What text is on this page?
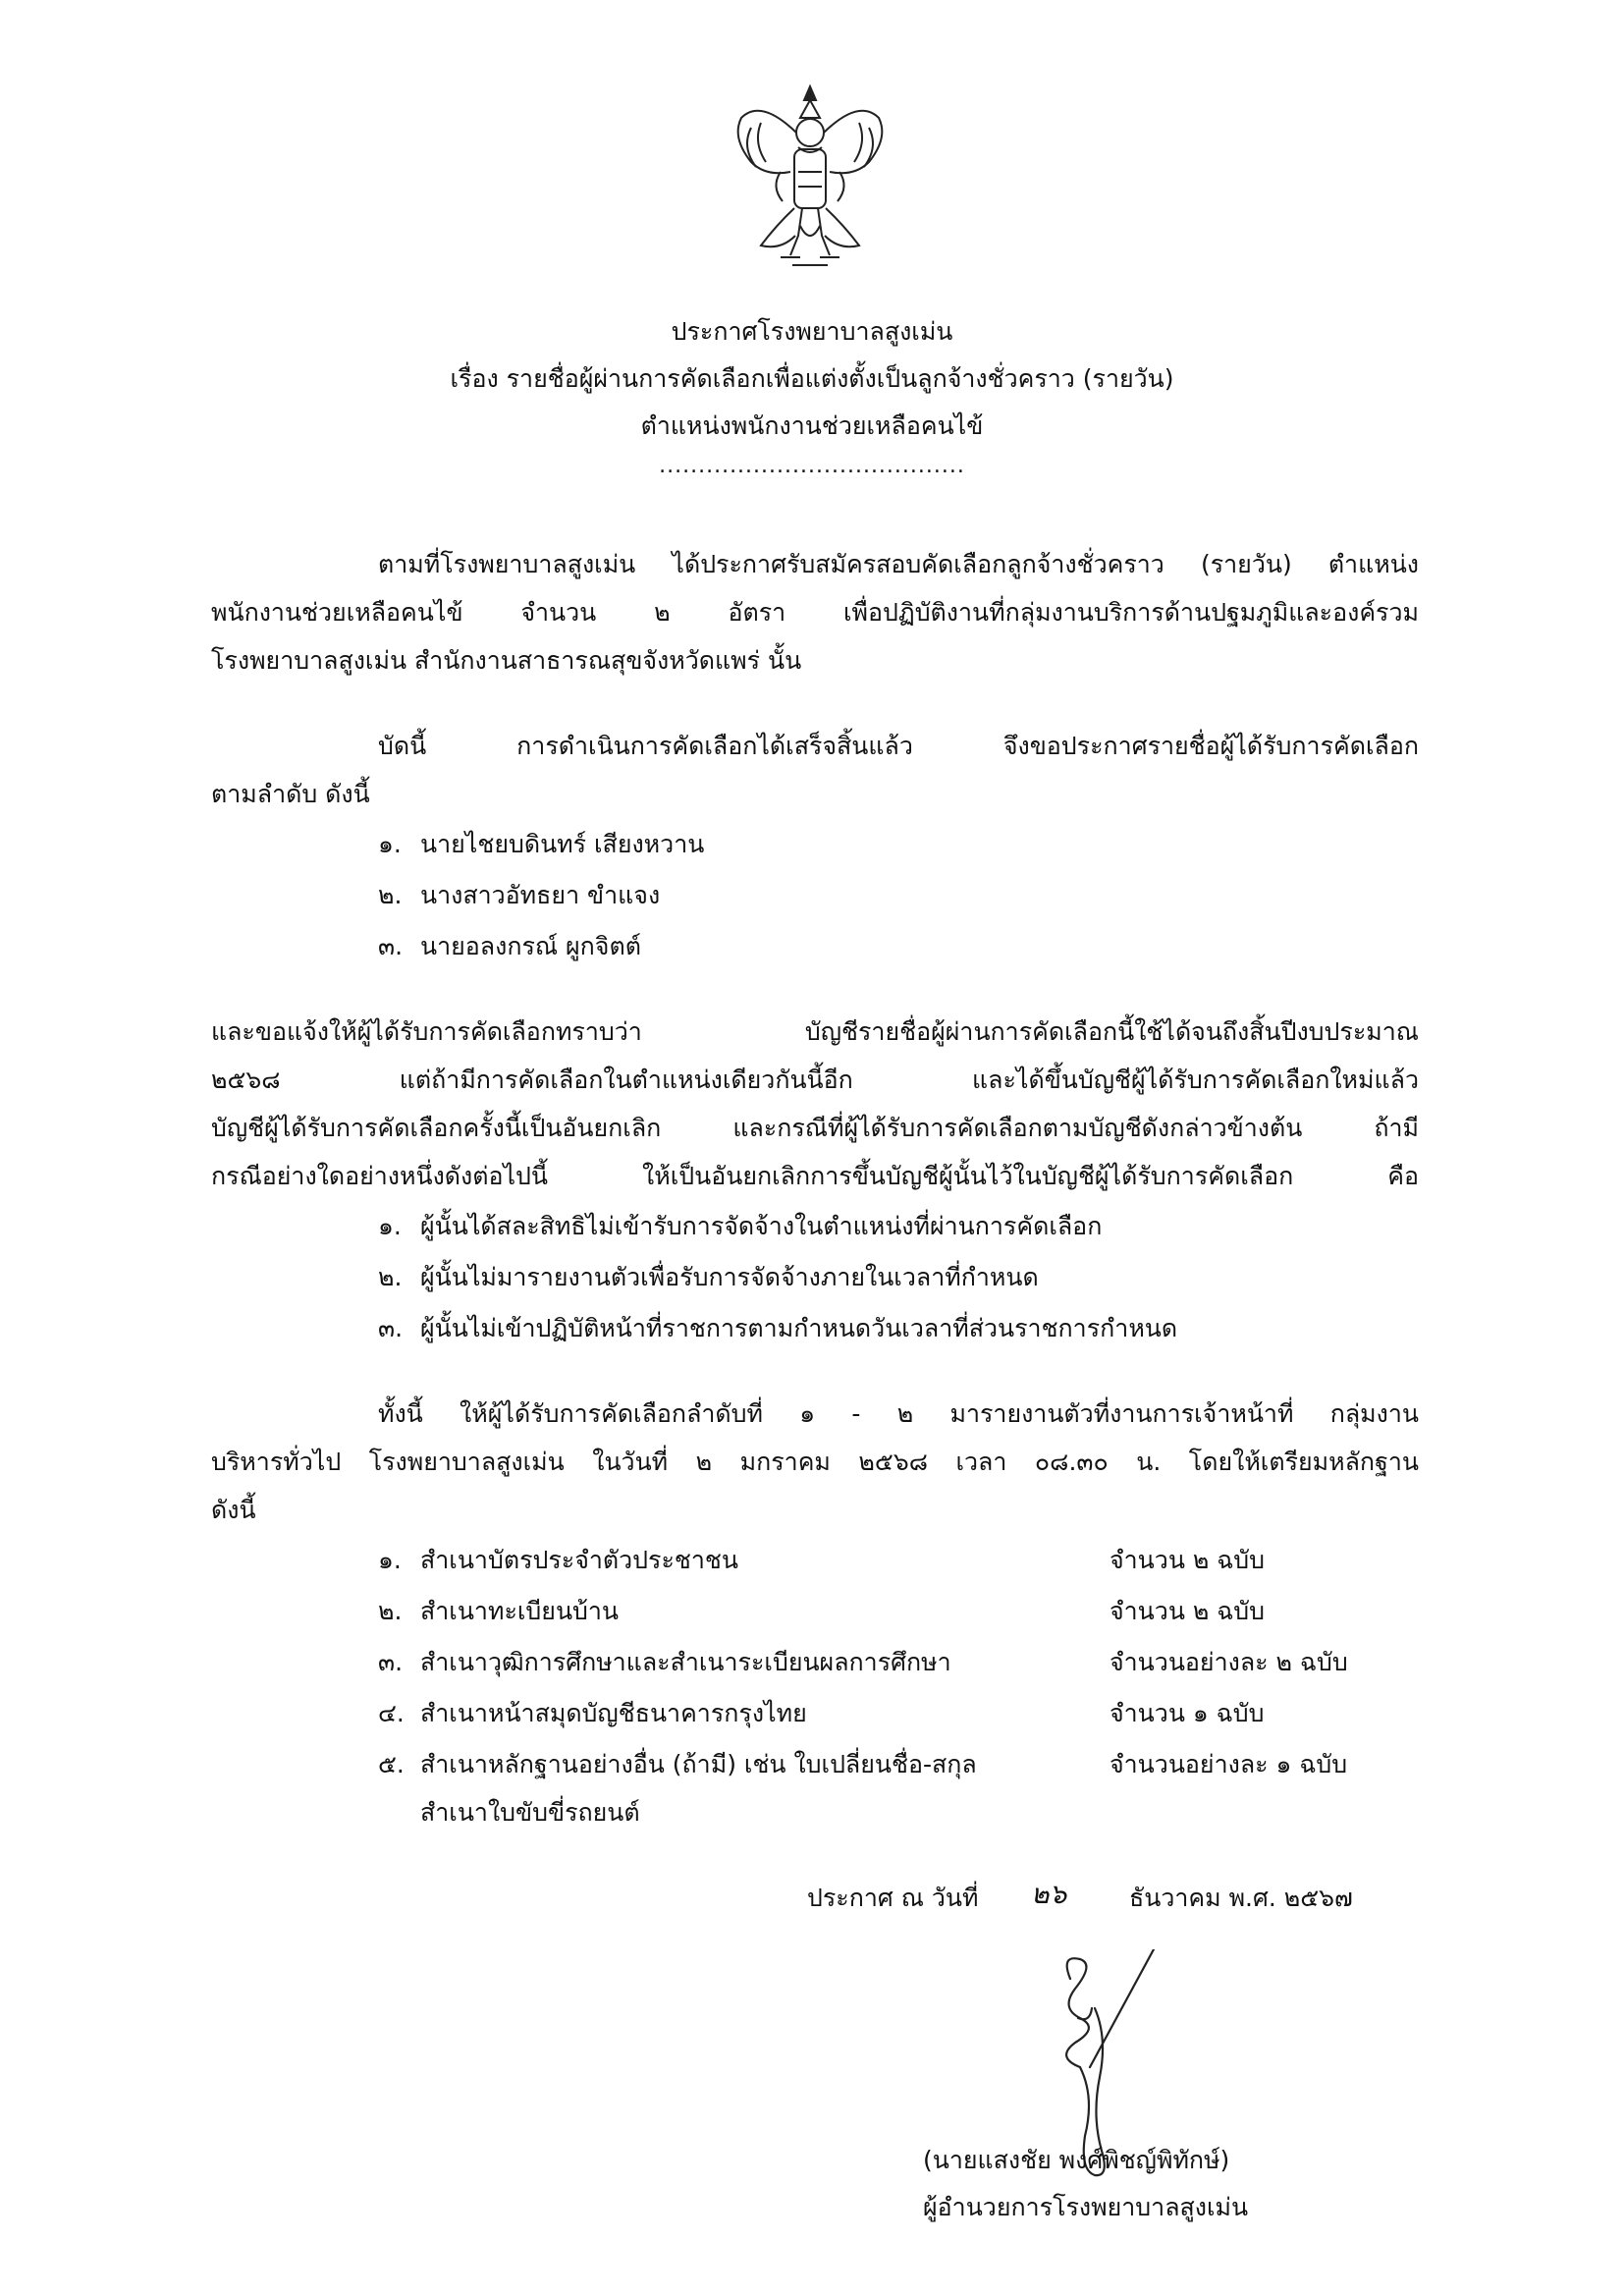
ประกาศโรงพยาบาลสูงเม่น
เรื่อง รายชื่อผู้ผ่านการคัดเลือกเพื่อแต่งตั้งเป็นลูกจ้างชั่วคราว (รายวัน)
ตำแหน่งพนักงานช่วยเหลือคนไข้
.......................................
ตามที่โรงพยาบาลสูงเม่น ได้ประกาศรับสมัครสอบคัดเลือกลูกจ้างชั่วคราว (รายวัน) ตำแหน่ง
พนักงานช่วยเหลือคนไข้ จำนวน ๒ อัตรา เพื่อปฏิบัติงานที่กลุ่มงานบริการด้านปฐมภูมิและองค์รวม
โรงพยาบาลสูงเม่น สำนักงานสาธารณสุขจังหวัดแพร่ นั้น
บัดนี้ การดำเนินการคัดเลือกได้เสร็จสิ้นแล้ว จึงขอประกาศรายชื่อผู้ได้รับการคัดเลือก
ตามลำดับ ดังนี้
๑. นายไชยบดินทร์ เสียงหวาน
๒. นางสาวอัทธยา ขำแจง
๓. นายอลงกรณ์ ผูกจิตต์
และขอแจ้งให้ผู้ได้รับการคัดเลือกทราบว่า บัญชีรายชื่อผู้ผ่านการคัดเลือกนี้ใช้ได้จนถึงสิ้นปีงบประมาณ
๒๕๖๘ แต่ถ้ามีการคัดเลือกในตำแหน่งเดียวกันนี้อีก และได้ขึ้นบัญชีผู้ได้รับการคัดเลือกใหม่แล้ว
บัญชีผู้ได้รับการคัดเลือกครั้งนี้เป็นอันยกเลิก และกรณีที่ผู้ได้รับการคัดเลือกตามบัญชีดังกล่าวข้างต้น ถ้ามี
กรณีอย่างใดอย่างหนึ่งดังต่อไปนี้ ให้เป็นอันยกเลิกการขึ้นบัญชีผู้นั้นไว้ในบัญชีผู้ได้รับการคัดเลือก คือ
๑. ผู้นั้นได้สละสิทธิไม่เข้ารับการจัดจ้างในตำแหน่งที่ผ่านการคัดเลือก
๒. ผู้นั้นไม่มารายงานตัวเพื่อรับการจัดจ้างภายในเวลาที่กำหนด
๓. ผู้นั้นไม่เข้าปฏิบัติหน้าที่ราชการตามกำหนดวันเวลาที่ส่วนราชการกำหนด
ทั้งนี้ ให้ผู้ได้รับการคัดเลือกลำดับที่ ๑ - ๒ มารายงานตัวที่งานการเจ้าหน้าที่ กลุ่มงาน
บริหารทั่วไป โรงพยาบาลสูงเม่น ในวันที่ ๒ มกราคม ๒๕๖๘ เวลา ๐๘.๓๐ น. โดยให้เตรียมหลักฐาน
ดังนี้
๑. สำเนาบัตรประจำตัวประชาชน	จำนวน ๒ ฉบับ
๒. สำเนาทะเบียนบ้าน	จำนวน ๒ ฉบับ
๓. สำเนาวุฒิการศึกษาและสำเนาระเบียนผลการศึกษา	จำนวนอย่างละ ๒ ฉบับ
๔. สำเนาหน้าสมุดบัญชีธนาคารกรุงไทย	จำนวน ๑ ฉบับ
๕. สำเนาหลักฐานอย่างอื่น (ถ้ามี) เช่น ใบเปลี่ยนชื่อ-สกุล	จำนวนอย่างละ ๑ ฉบับ
สำเนาใบขับขี่รถยนต์
ประกาศ ณ วันที่ ๒๖	ธันวาคม พ.ศ. ๒๕๖๗
(นายแสงชัย พงศ์พิชญ์พิทักษ์)
ผู้อำนวยการโรงพยาบาลสูงเม่น
